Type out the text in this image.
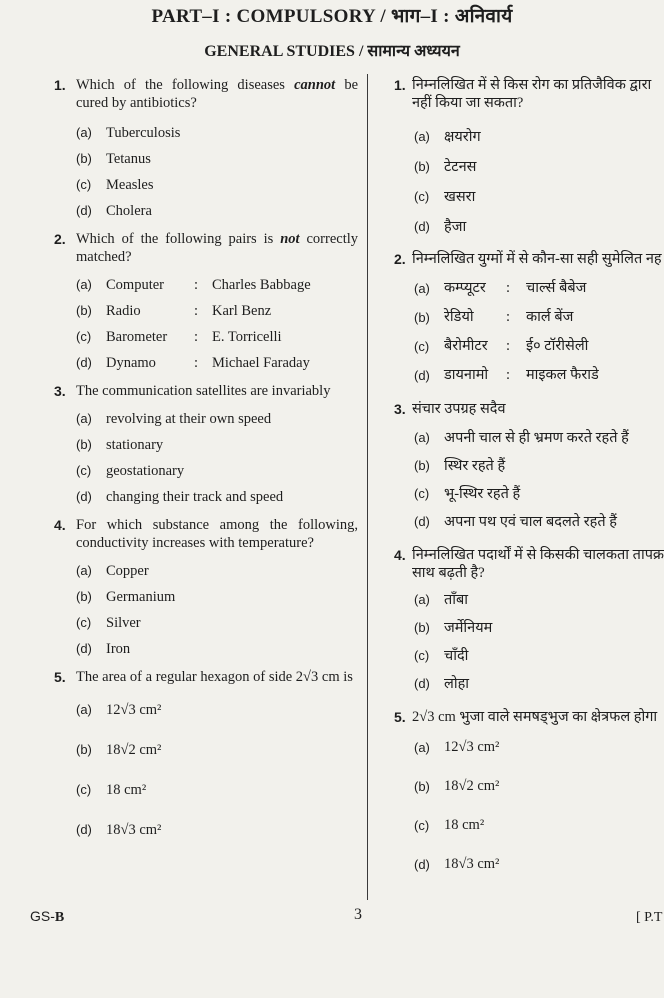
PART–I : COMPULSORY / भाग–I : अनिवार्य
GENERAL STUDIES / सामान्य अध्ययन
1. Which of the following diseases cannot be cured by antibiotics?
(a) Tuberculosis
(b) Tetanus
(c) Measles
(d) Cholera
2. Which of the following pairs is not correctly matched?
(a) Computer : Charles Babbage
(b) Radio	: Karl Benz
(c) Barometer : E. Torricelli
(d) Dynamo	: Michael Faraday
3. The communication satellites are invariably
(a) revolving at their own speed
(b) stationary
(c) geostationary
(d) changing their track and speed
4. For which substance among the following, conductivity increases with temperature?
(a) Copper
(b) Germanium
(c) Silver
(d) Iron
5. The area of a regular hexagon of side 2√3 cm is
(a) 12√3 cm²
(b) 18√2 cm²
(c) 18 cm²
(d) 18√3 cm²
1. निम्नलिखित में से किस रोग का प्रतिजैविक द्वारा
नहीं किया जा सकता?
(a) क्षयरोग
(b) टेटनस
(c) खसरा
(d) हैजा
2. निम्नलिखित युग्मों में से कौन-सा सही सुमेलित नह
(a) कम्प्यूटर : चार्ल्स बैबेज
(b) रेडियो : कार्ल बेंज
(c) बैरोमीटर : ई० टॉरीसेली
(d) डायनामो : माइकल फैराडे
3. संचार उपग्रह सदैव
(a) अपनी चाल से ही भ्रमण करते रहते हैं
(b) स्थिर रहते हैं
(c) भू-स्थिर रहते हैं
(d) अपना पथ एवं चाल बदलते रहते हैं
4. निम्नलिखित पदार्थों में से किसकी चालकता तापक्र
साथ बढ़ती है?
(a) ताँबा
(b) जर्मेनियम
(c) चाँदी
(d) लोहा
5. 2√3 cm भुजा वाले समषड्भुज का क्षेत्रफल होगा
(a) 12√3 cm²
(b) 18√2 cm²
(c) 18 cm²
(d) 18√3 cm²
GS-B	3	[ P.T
